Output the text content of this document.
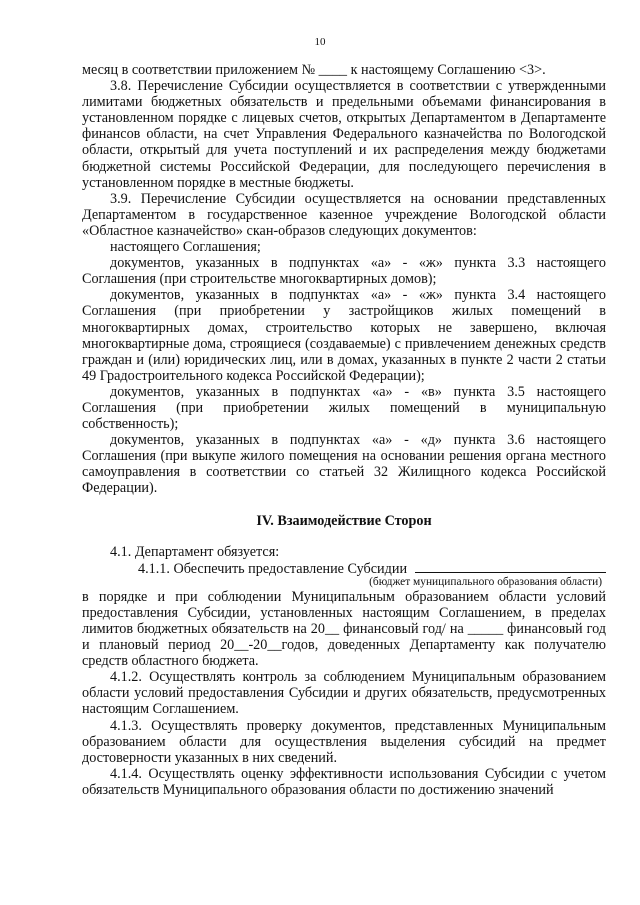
10

месяц в соответствии приложением № ____ к настоящему Соглашению <3>.

3.8. Перечисление Субсидии осуществляется в соответствии с утвержденными лимитами бюджетных обязательств и предельными объемами финансирования в установленном порядке с лицевых счетов, открытых Департаментом в Департаменте финансов области, на счет Управления Федерального казначейства по Вологодской области, открытый для учета поступлений и их распределения между бюджетами бюджетной системы Российской Федерации, для последующего перечисления в установленном порядке в местные бюджеты.

3.9. Перечисление Субсидии осуществляется на основании представленных Департаментом в государственное казенное учреждение Вологодской области «Областное казначейство» скан-образов следующих документов:

настоящего Соглашения;

документов, указанных в подпунктах «а» - «ж» пункта 3.3 настоящего Соглашения (при строительстве многоквартирных домов);

документов, указанных в подпунктах «а» - «ж» пункта 3.4 настоящего Соглашения (при приобретении у застройщиков жилых помещений в многоквартирных домах, строительство которых не завершено, включая многоквартирные дома, строящиеся (создаваемые) с привлечением денежных средств граждан и (или) юридических лиц, или в домах, указанных в пункте 2 части 2 статьи 49 Градостроительного кодекса Российской Федерации);

документов, указанных в подпунктах «а» - «в» пункта 3.5 настоящего Соглашения (при приобретении жилых помещений в муниципальную собственность);

документов, указанных в подпунктах «а» - «д» пункта 3.6 настоящего Соглашения (при выкупе жилого помещения на основании решения органа местного самоуправления в соответствии со статьей 32 Жилищного кодекса Российской Федерации).

IV. Взаимодействие Сторон

4.1. Департамент обязуется:

4.1.1. Обеспечить предоставление Субсидии
(бюджет муниципального образования области)

в порядке и при соблюдении Муниципальным образованием области условий предоставления Субсидии, установленных настоящим Соглашением, в пределах лимитов бюджетных обязательств на 20__ финансовый год/ на _____ финансовый год и плановый период 20__-20__годов, доведенных Департаменту как получателю средств областного бюджета.

4.1.2. Осуществлять контроль за соблюдением Муниципальным образованием области условий предоставления Субсидии и других обязательств, предусмотренных настоящим Соглашением.

4.1.3. Осуществлять проверку документов, представленных Муниципальным образованием области для осуществления выделения субсидий на предмет достоверности указанных в них сведений.

4.1.4. Осуществлять оценку эффективности использования Субсидии с учетом обязательств Муниципального образования области по достижению значений
